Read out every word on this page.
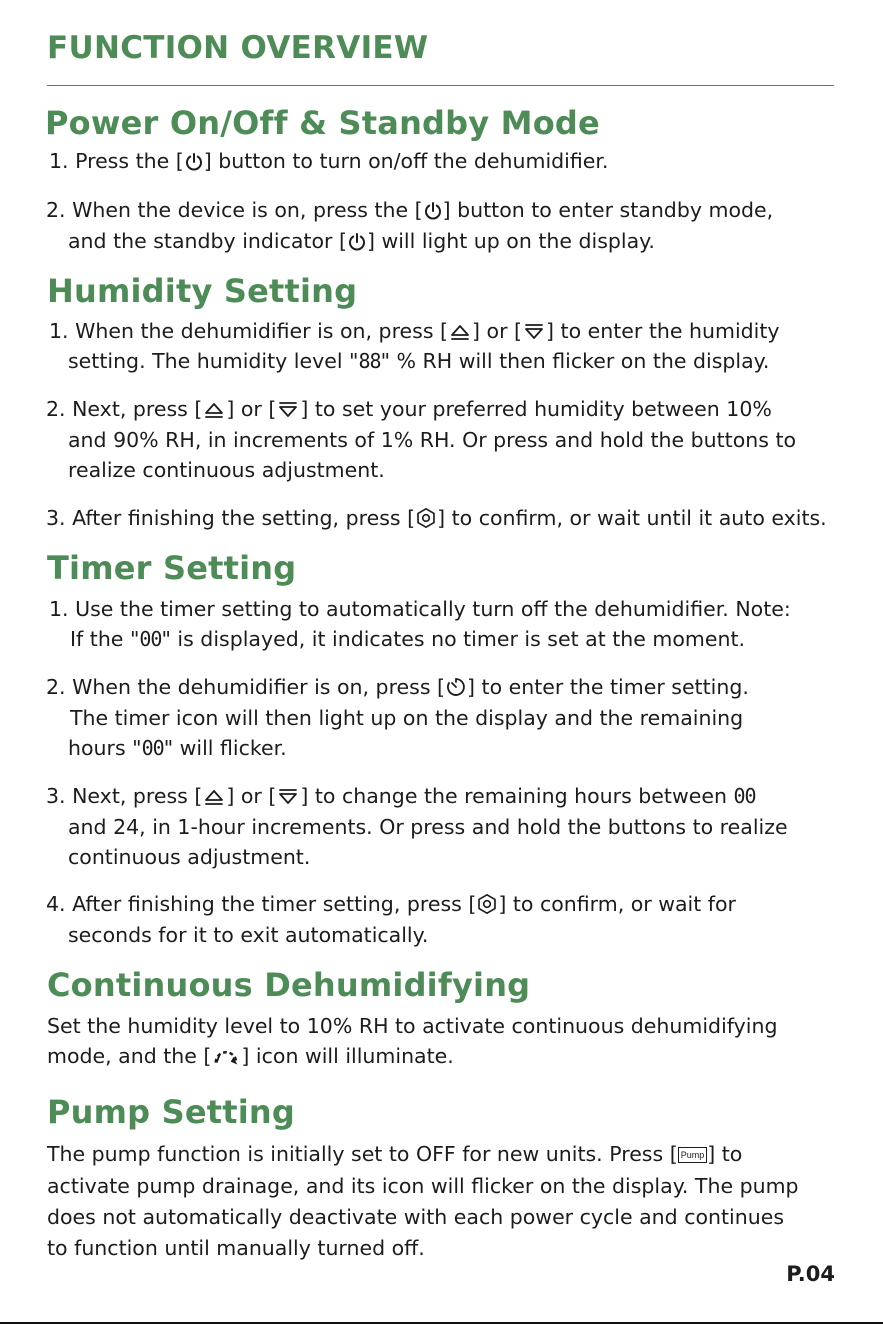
FUNCTION OVERVIEW
Power On/Off & Standby Mode
1. Press the [ ] button to turn on/off the dehumidifier.
2. When the device is on, press the [ ] button to enter standby mode,
and the standby indicator [ ] will light up on the display.
Humidity Setting
1. When the dehumidifier is on, press [ ] or [ ] to enter the humidity
setting. The humidity level "88" % RH will then flicker on the display.
2. Next, press [ ] or [ ] to set your preferred humidity between 10%
and 90% RH, in increments of 1% RH. Or press and hold the buttons to
realize continuous adjustment.
3. After finishing the setting, press [ ] to confirm, or wait until it auto exits.
Timer Setting
1. Use the timer setting to automatically turn off the dehumidifier. Note:
If the "00" is displayed, it indicates no timer is set at the moment.
2. When the dehumidifier is on, press [ ] to enter the timer setting.
The timer icon will then light up on the display and the remaining
hours "00" will flicker.
3. Next, press [ ] or [ ] to change the remaining hours between 00
and 24, in 1-hour increments. Or press and hold the buttons to realize
continuous adjustment.
4. After finishing the timer setting, press [ ] to confirm, or wait for
seconds for it to exit automatically.
Continuous Dehumidifying
Set the humidity level to 10% RH to activate continuous dehumidifying
mode, and the [ ] icon will illuminate.
Pump Setting
The pump function is initially set to OFF for new units. Press [ Pump ] to
activate pump drainage, and its icon will flicker on the display. The pump
does not automatically deactivate with each power cycle and continues
to function until manually turned off.
P.04
